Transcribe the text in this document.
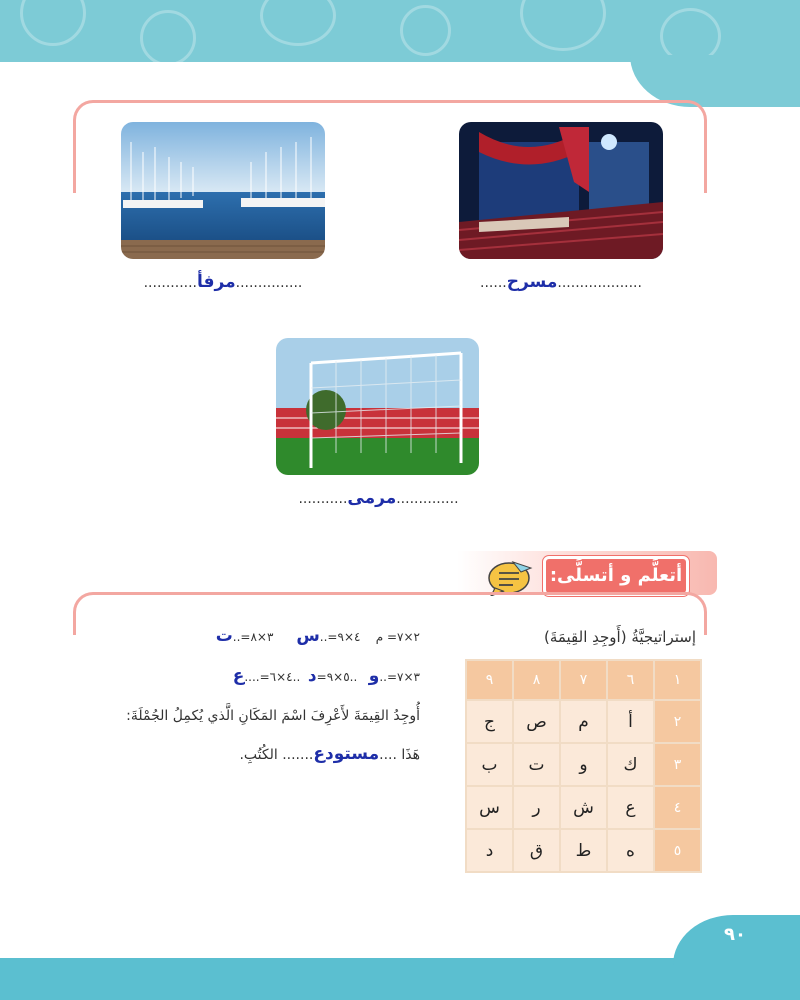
............مرفأ...............	......مسرح...................
...........مرمى..............
أتعلَّم و أتسلَّى:
إستراتيجيَّةُ (أَوجِدِ القِيمَةَ)
١	٦	٧	٨	٩
٢	أ	م	ص	ج
٣	ك	و	ت	ب
٤	ع	ش	ر	س
٥	ه	ط	ق	د
٢×٧= م    ٤×٩=..س      ٣×٨=..ت
٣×٧=..و   ..٥×٩=د  ..٤×٦=....ع
أُوجِدُ القِيمَةَ لأَعْرِفَ اسْمَ المَكَانِ الَّذي يُكمِلُ الجُمْلَةَ:
هَذَا ....مستودع....... الكُتُبِ.
٩٠
